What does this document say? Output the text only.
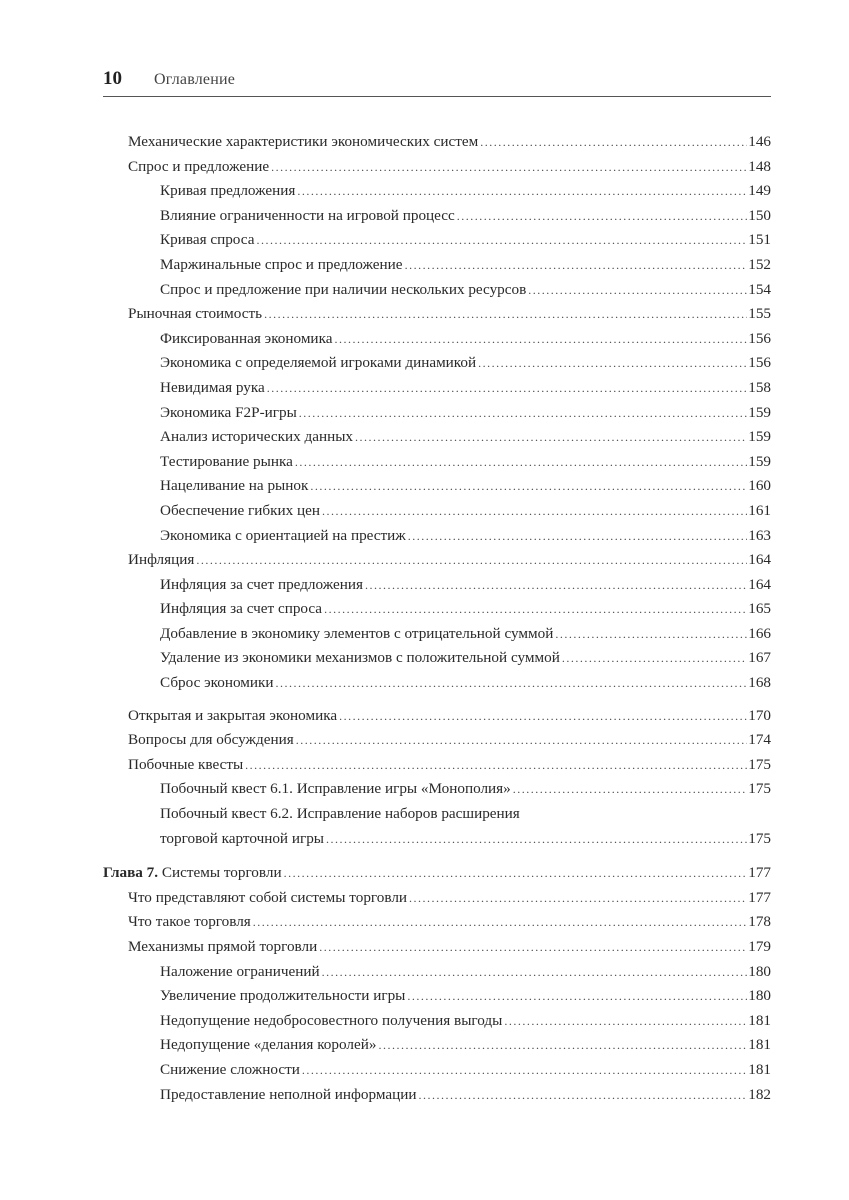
10 Оглавление
Механические характеристики экономических систем .....	146
Спрос и предложение .....	148
Кривая предложения .....	149
Влияние ограниченности на игровой процесс .....	150
Кривая спроса .....	151
Маржинальные спрос и предложение .....	152
Спрос и предложение при наличии нескольких ресурсов .....	154
Рыночная стоимость .....	155
Фиксированная экономика .....	156
Экономика с определяемой игроками динамикой .....	156
Невидимая рука .....	158
Экономика F2P-игры .....	159
Анализ исторических данных .....	159
Тестирование рынка .....	159
Нацеливание на рынок .....	160
Обеспечение гибких цен .....	161
Экономика с ориентацией на престиж .....	163
Инфляция .....	164
Инфляция за счет предложения .....	164
Инфляция за счет спроса .....	165
Добавление в экономику элементов с отрицательной суммой .....	166
Удаление из экономики механизмов с положительной суммой .....	167
Сброс экономики .....	168
Открытая и закрытая экономика .....	170
Вопросы для обсуждения .....	174
Побочные квесты .....	175
Побочный квест 6.1. Исправление игры «Монополия» .....	175
Побочный квест 6.2. Исправление наборов расширения
торговой карточной игры .....	175
Глава 7. Системы торговли .....	177
Что представляют собой системы торговли .....	177
Что такое торговля .....	178
Механизмы прямой торговли .....	179
Наложение ограничений .....	180
Увеличение продолжительности игры .....	180
Недопущение недобросовестного получения выгоды .....	181
Недопущение «делания королей» .....	181
Снижение сложности .....	181
Предоставление неполной информации .....	182
